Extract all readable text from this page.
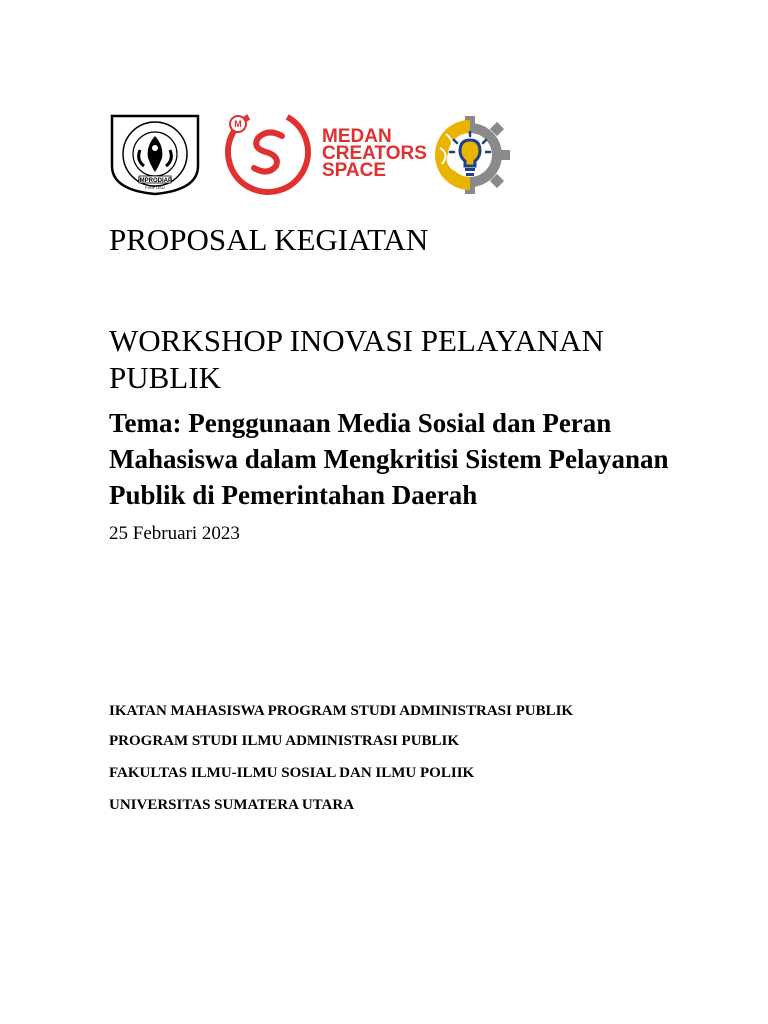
IMPRODIAP
FISIP USU
M
MEDAN
CREATORS
SPACE
PROPOSAL KEGIATAN
WORKSHOP INOVASI PELAYANAN PUBLIK
Tema: Penggunaan Media Sosial dan Peran Mahasiswa dalam Mengkritisi Sistem Pelayanan Publik di Pemerintahan Daerah
25 Februari 2023
IKATAN MAHASISWA PROGRAM STUDI ADMINISTRASI PUBLIK
PROGRAM STUDI ILMU ADMINISTRASI PUBLIK
FAKULTAS ILMU-ILMU SOSIAL DAN ILMU POLIIK
UNIVERSITAS SUMATERA UTARA
